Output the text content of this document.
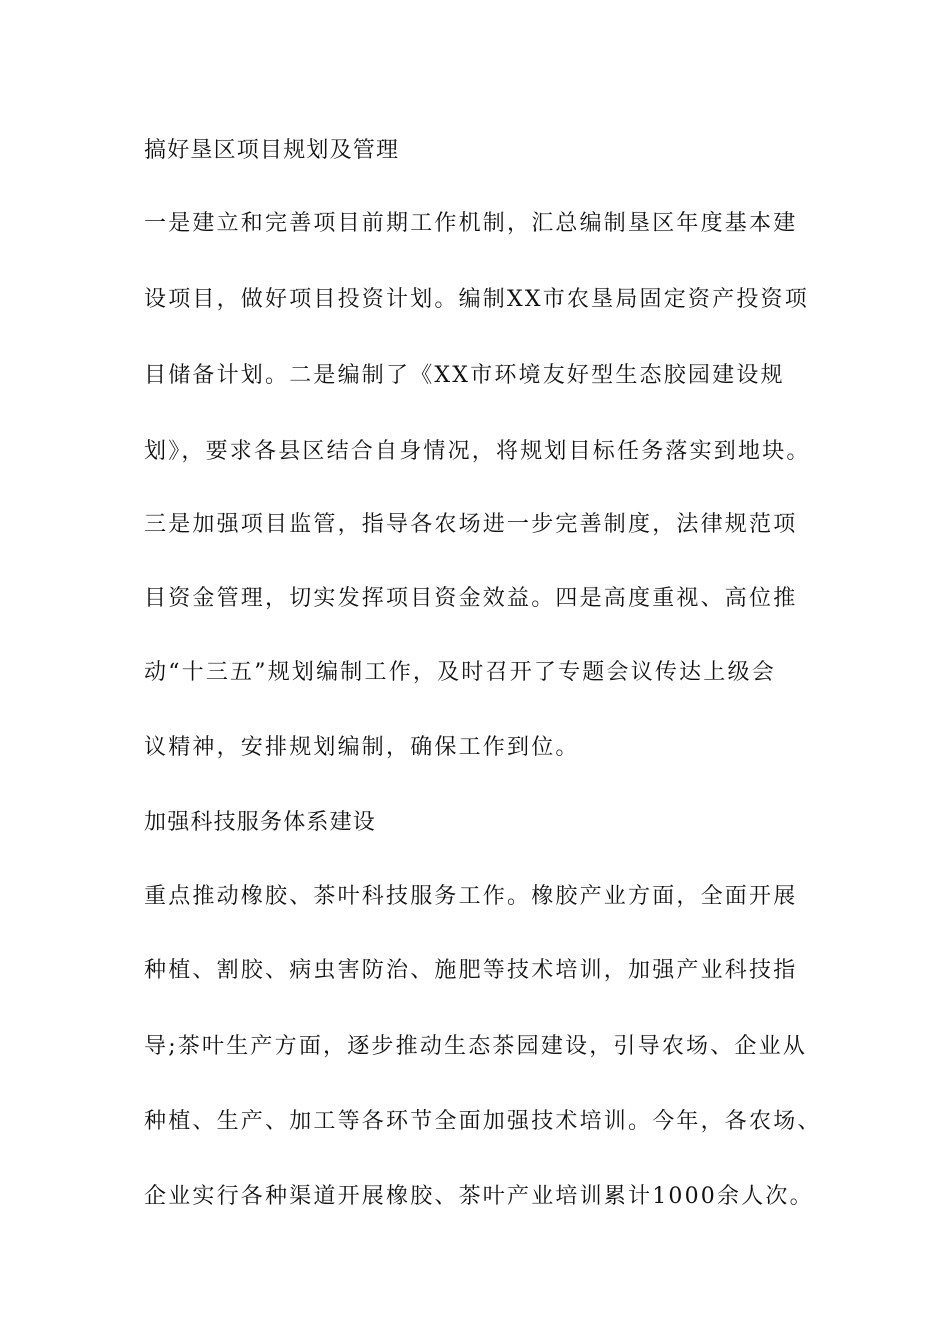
搞好垦区项目规划及管理
一是建立和完善项目前期工作机制，汇总编制垦区年度基本建
设项目，做好项目投资计划。编制XX市农垦局固定资产投资项
目储备计划。二是编制了《XX市环境友好型生态胶园建设规
划》，要求各县区结合自身情况，将规划目标任务落实到地块。
三是加强项目监管，指导各农场进一步完善制度，法律规范项
目资金管理，切实发挥项目资金效益。四是高度重视、高位推
动“十三五”规划编制工作，及时召开了专题会议传达上级会
议精神，安排规划编制，确保工作到位。
加强科技服务体系建设
重点推动橡胶、茶叶科技服务工作。橡胶产业方面，全面开展
种植、割胶、病虫害防治、施肥等技术培训，加强产业科技指
导;茶叶生产方面，逐步推动生态茶园建设，引导农场、企业从
种植、生产、加工等各环节全面加强技术培训。今年，各农场、
企业实行各种渠道开展橡胶、茶叶产业培训累计1000余人次。
